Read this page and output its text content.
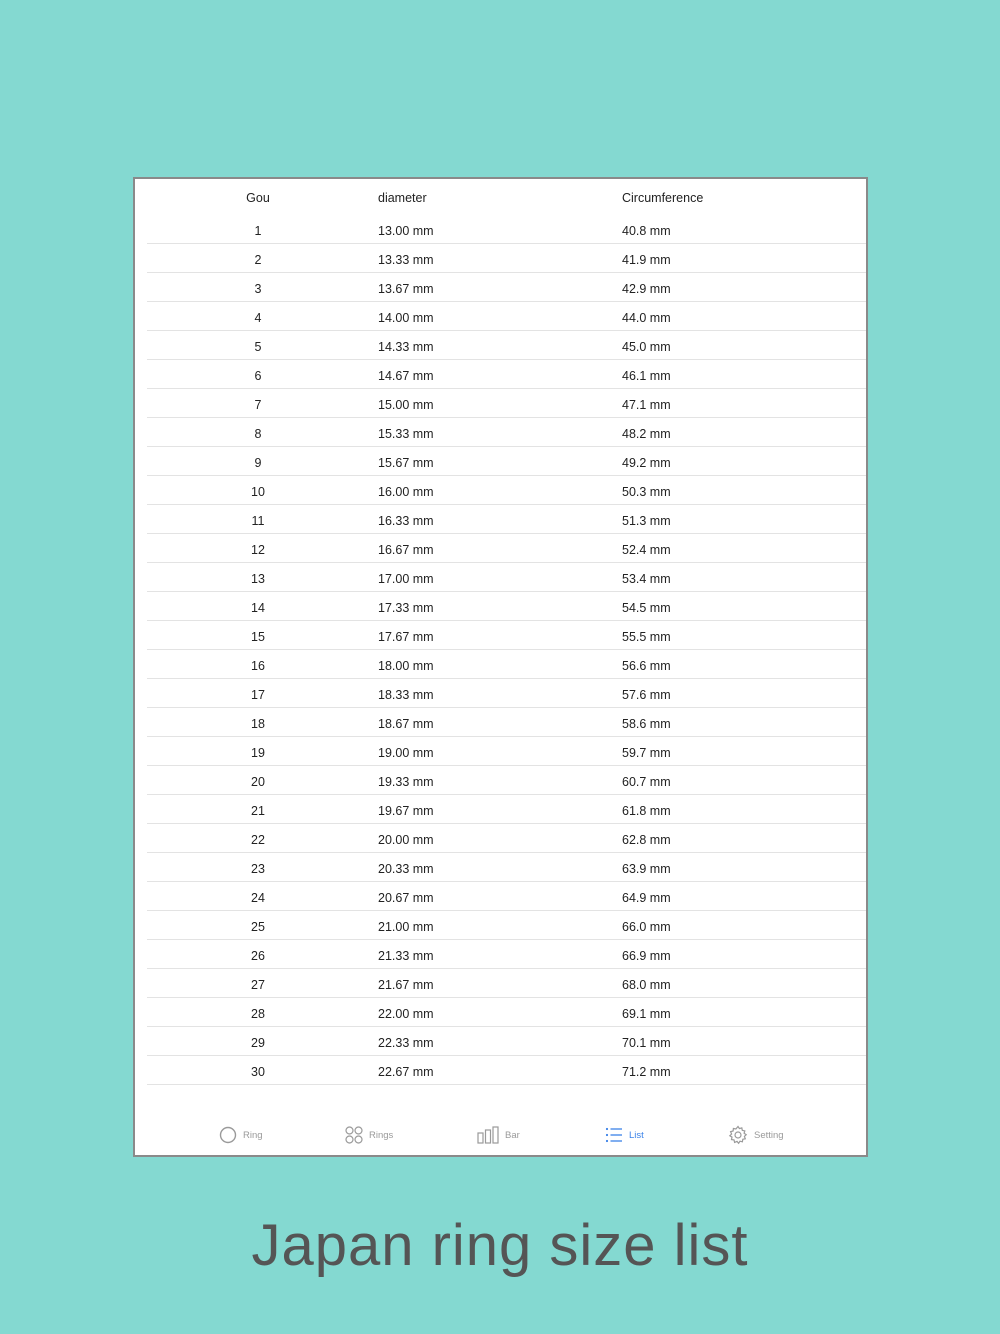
Gou	diameter	Circumference
1	13.00 mm	40.8 mm
2	13.33 mm	41.9 mm
3	13.67 mm	42.9 mm
4	14.00 mm	44.0 mm
5	14.33 mm	45.0 mm
6	14.67 mm	46.1 mm
7	15.00 mm	47.1 mm
8	15.33 mm	48.2 mm
9	15.67 mm	49.2 mm
10	16.00 mm	50.3 mm
11	16.33 mm	51.3 mm
12	16.67 mm	52.4 mm
13	17.00 mm	53.4 mm
14	17.33 mm	54.5 mm
15	17.67 mm	55.5 mm
16	18.00 mm	56.6 mm
17	18.33 mm	57.6 mm
18	18.67 mm	58.6 mm
19	19.00 mm	59.7 mm
20	19.33 mm	60.7 mm
21	19.67 mm	61.8 mm
22	20.00 mm	62.8 mm
23	20.33 mm	63.9 mm
24	20.67 mm	64.9 mm
25	21.00 mm	66.0 mm
26	21.33 mm	66.9 mm
27	21.67 mm	68.0 mm
28	22.00 mm	69.1 mm
29	22.33 mm	70.1 mm
30	22.67 mm	71.2 mm
Ring	Rings	Bar	List	Setting
Japan ring size list
